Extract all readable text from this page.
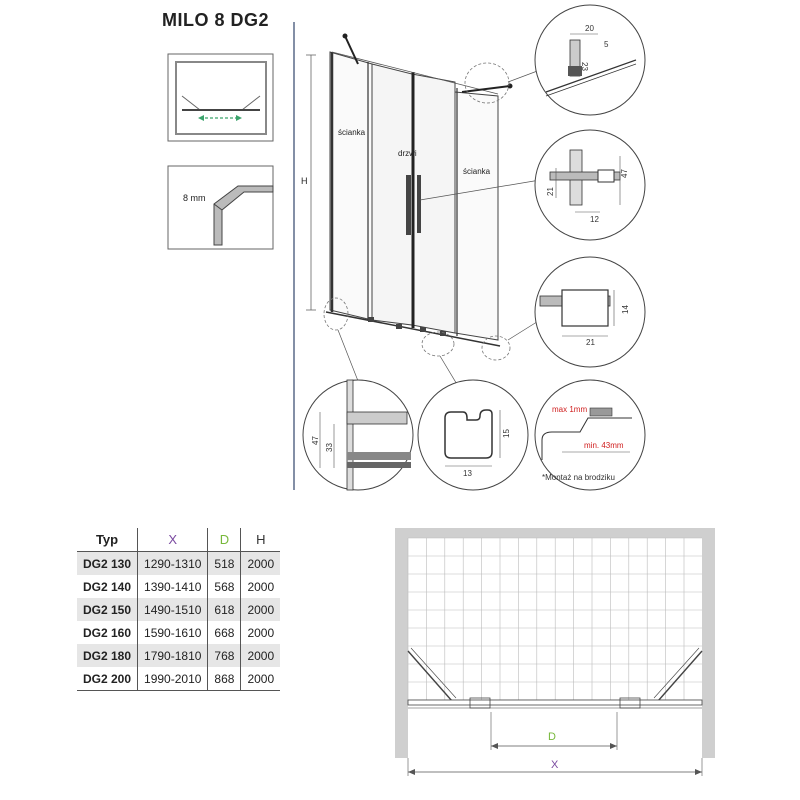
MILO 8 DG2
8 mm
H
ścianka
drzwi
ścianka
20
5
23
47
21
12
14
21
47
33
15
13
max 1mm
min. 43mm
*Montaż na brodziku
D
X
Typ	X	D	H
DG2 130	1290-1310	518	2000
DG2 140	1390-1410	568	2000
DG2 150	1490-1510	618	2000
DG2 160	1590-1610	668	2000
DG2 180	1790-1810	768	2000
DG2 200	1990-2010	868	2000
